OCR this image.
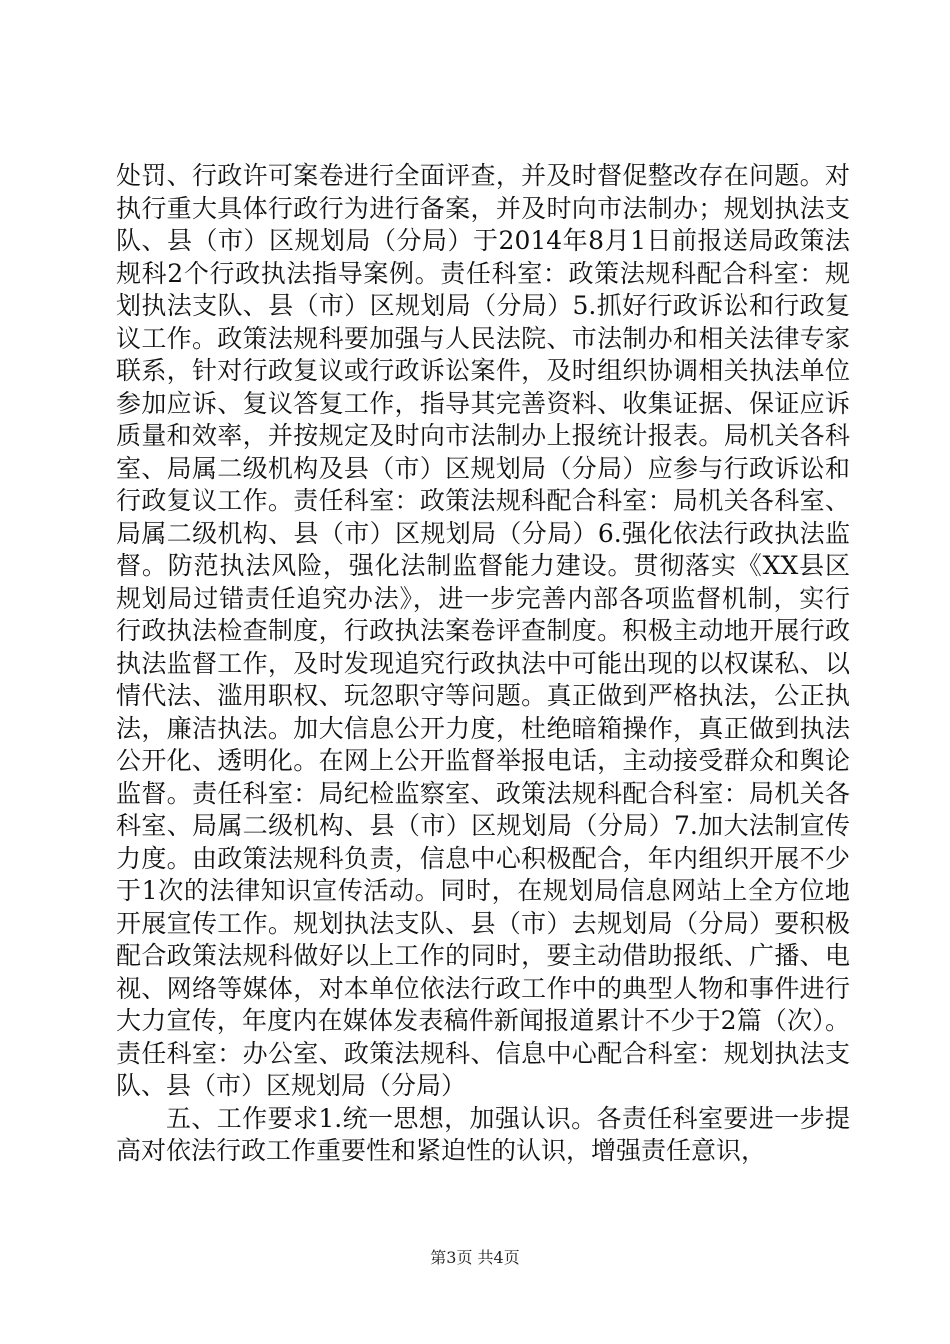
处罚、行政许可案卷进行全面评查，并及时督促整改存在问题。对执行重大具体行政行为进行备案，并及时向市法制办；规划执法支队、县（市）区规划局（分局）于2014年8月1日前报送局政策法规科2个行政执法指导案例。责任科室：政策法规科配合科室：规划执法支队、县（市）区规划局（分局）5.抓好行政诉讼和行政复议工作。政策法规科要加强与人民法院、市法制办和相关法律专家联系，针对行政复议或行政诉讼案件，及时组织协调相关执法单位参加应诉、复议答复工作，指导其完善资料、收集证据、保证应诉质量和效率，并按规定及时向市法制办上报统计报表。局机关各科室、局属二级机构及县（市）区规划局（分局）应参与行政诉讼和行政复议工作。责任科室：政策法规科配合科室：局机关各科室、局属二级机构、县（市）区规划局（分局）6.强化依法行政执法监督。防范执法风险，强化法制监督能力建设。贯彻落实《XX县区规划局过错责任追究办法》，进一步完善内部各项监督机制，实行行政执法检查制度，行政执法案卷评查制度。积极主动地开展行政执法监督工作，及时发现追究行政执法中可能出现的以权谋私、以情代法、滥用职权、玩忽职守等问题。真正做到严格执法，公正执法，廉洁执法。加大信息公开力度，杜绝暗箱操作，真正做到执法公开化、透明化。在网上公开监督举报电话，主动接受群众和舆论监督。责任科室：局纪检监察室、政策法规科配合科室：局机关各科室、局属二级机构、县（市）区规划局（分局）7.加大法制宣传力度。由政策法规科负责，信息中心积极配合，年内组织开展不少于1次的法律知识宣传活动。同时，在规划局信息网站上全方位地开展宣传工作。规划执法支队、县（市）去规划局（分局）要积极配合政策法规科做好以上工作的同时，要主动借助报纸、广播、电视、网络等媒体，对本单位依法行政工作中的典型人物和事件进行大力宣传，年度内在媒体发表稿件新闻报道累计不少于2篇（次）。责任科室：办公室、政策法规科、信息中心配合科室：规划执法支队、县（市）区规划局（分局）

五、工作要求1.统一思想，加强认识。各责任科室要进一步提高对依法行政工作重要性和紧迫性的认识，增强责任意识，

第3页 共4页
